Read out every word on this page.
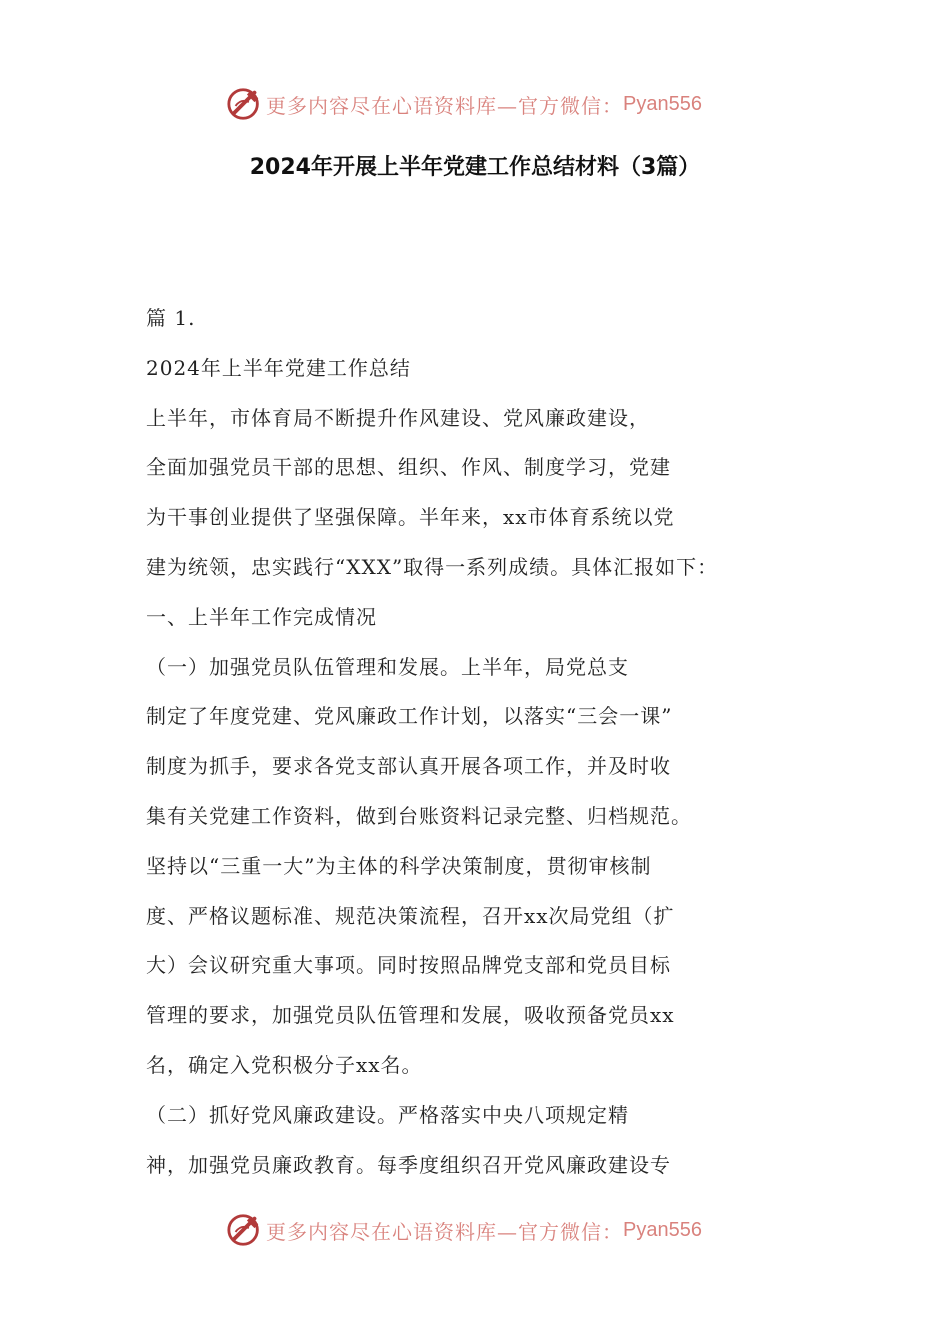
更多内容尽在心语资料库—官方微信： Pyan556
2024年开展上半年党建工作总结材料（3篇）
篇 1.
2024年上半年党建工作总结
上半年，市体育局不断提升作风建设、党风廉政建设，
全面加强党员干部的思想、组织、作风、制度学习，党建
为干事创业提供了坚强保障。半年来，xx市体育系统以党
建为统领，忠实践行“XXX”取得一系列成绩。具体汇报如下：
一、上半年工作完成情况
（一）加强党员队伍管理和发展。上半年，局党总支
制定了年度党建、党风廉政工作计划，以落实“三会一课”
制度为抓手，要求各党支部认真开展各项工作，并及时收
集有关党建工作资料，做到台账资料记录完整、归档规范。
坚持以“三重一大”为主体的科学决策制度，贯彻审核制
度、严格议题标准、规范决策流程，召开xx次局党组（扩
大）会议研究重大事项。同时按照品牌党支部和党员目标
管理的要求，加强党员队伍管理和发展，吸收预备党员xx
名，确定入党积极分子xx名。
（二）抓好党风廉政建设。严格落实中央八项规定精
神，加强党员廉政教育。每季度组织召开党风廉政建设专
更多内容尽在心语资料库—官方微信： Pyan556
